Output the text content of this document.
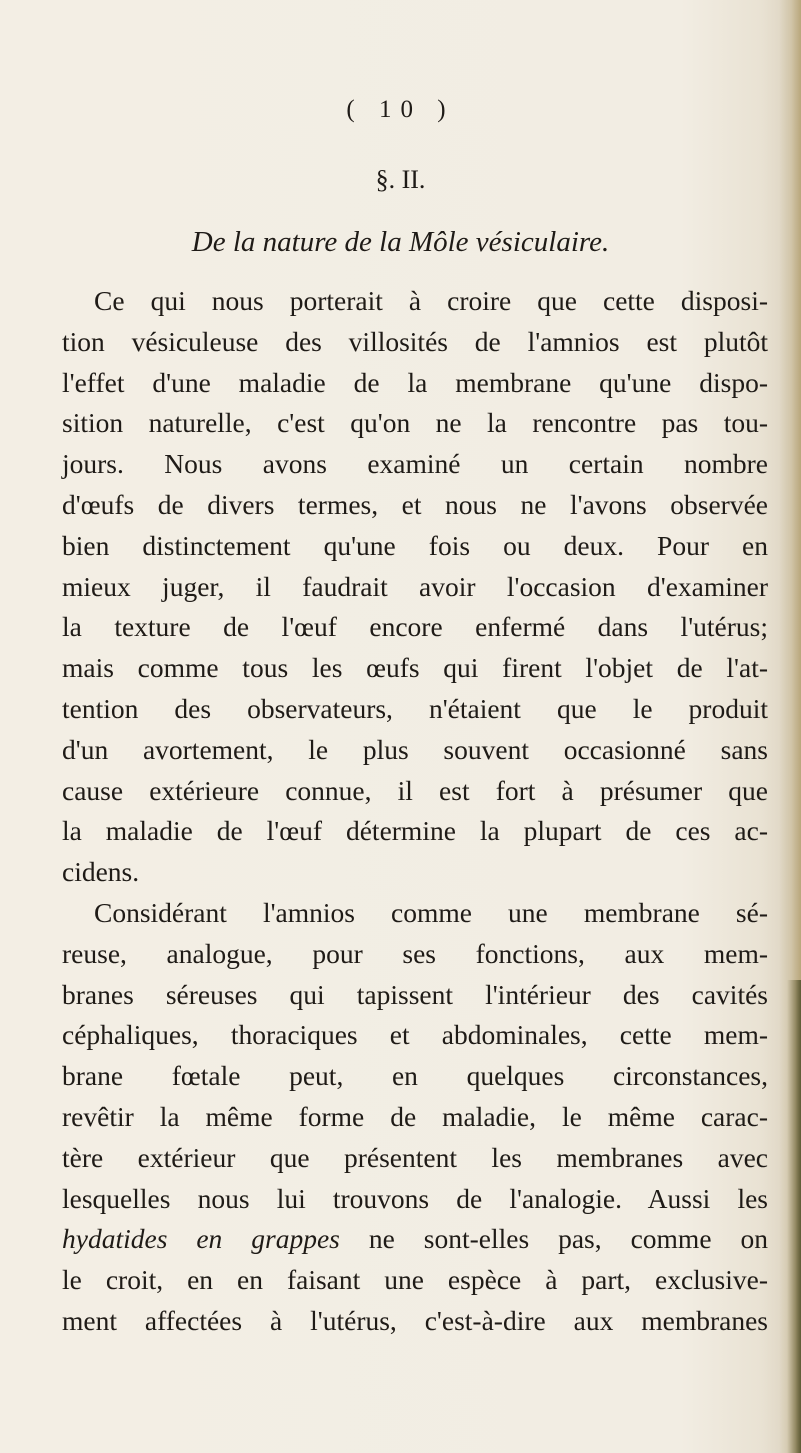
( 10 )
§. II.
De la nature de la Môle vésiculaire.
Ce qui nous porterait à croire que cette disposi-
tion vésiculeuse des villosités de l'amnios est plutôt
l'effet d'une maladie de la membrane qu'une dispo-
sition naturelle, c'est qu'on ne la rencontre pas tou-
jours. Nous avons examiné un certain nombre
d'œufs de divers termes, et nous ne l'avons observée
bien distinctement qu'une fois ou deux. Pour en
mieux juger, il faudrait avoir l'occasion d'examiner
la texture de l'œuf encore enfermé dans l'utérus;
mais comme tous les œufs qui firent l'objet de l'at-
tention des observateurs, n'étaient que le produit
d'un avortement, le plus souvent occasionné sans
cause extérieure connue, il est fort à présumer que
la maladie de l'œuf détermine la plupart de ces ac-
cidens.
Considérant l'amnios comme une membrane sé-
reuse, analogue, pour ses fonctions, aux mem-
branes séreuses qui tapissent l'intérieur des cavités
céphaliques, thoraciques et abdominales, cette mem-
brane fœtale peut, en quelques circonstances,
revêtir la même forme de maladie, le même carac-
tère extérieur que présentent les membranes avec
lesquelles nous lui trouvons de l'analogie. Aussi les
hydatides en grappes ne sont-elles pas, comme on
le croit, en en faisant une espèce à part, exclusive-
ment affectées à l'utérus, c'est-à-dire aux membranes
